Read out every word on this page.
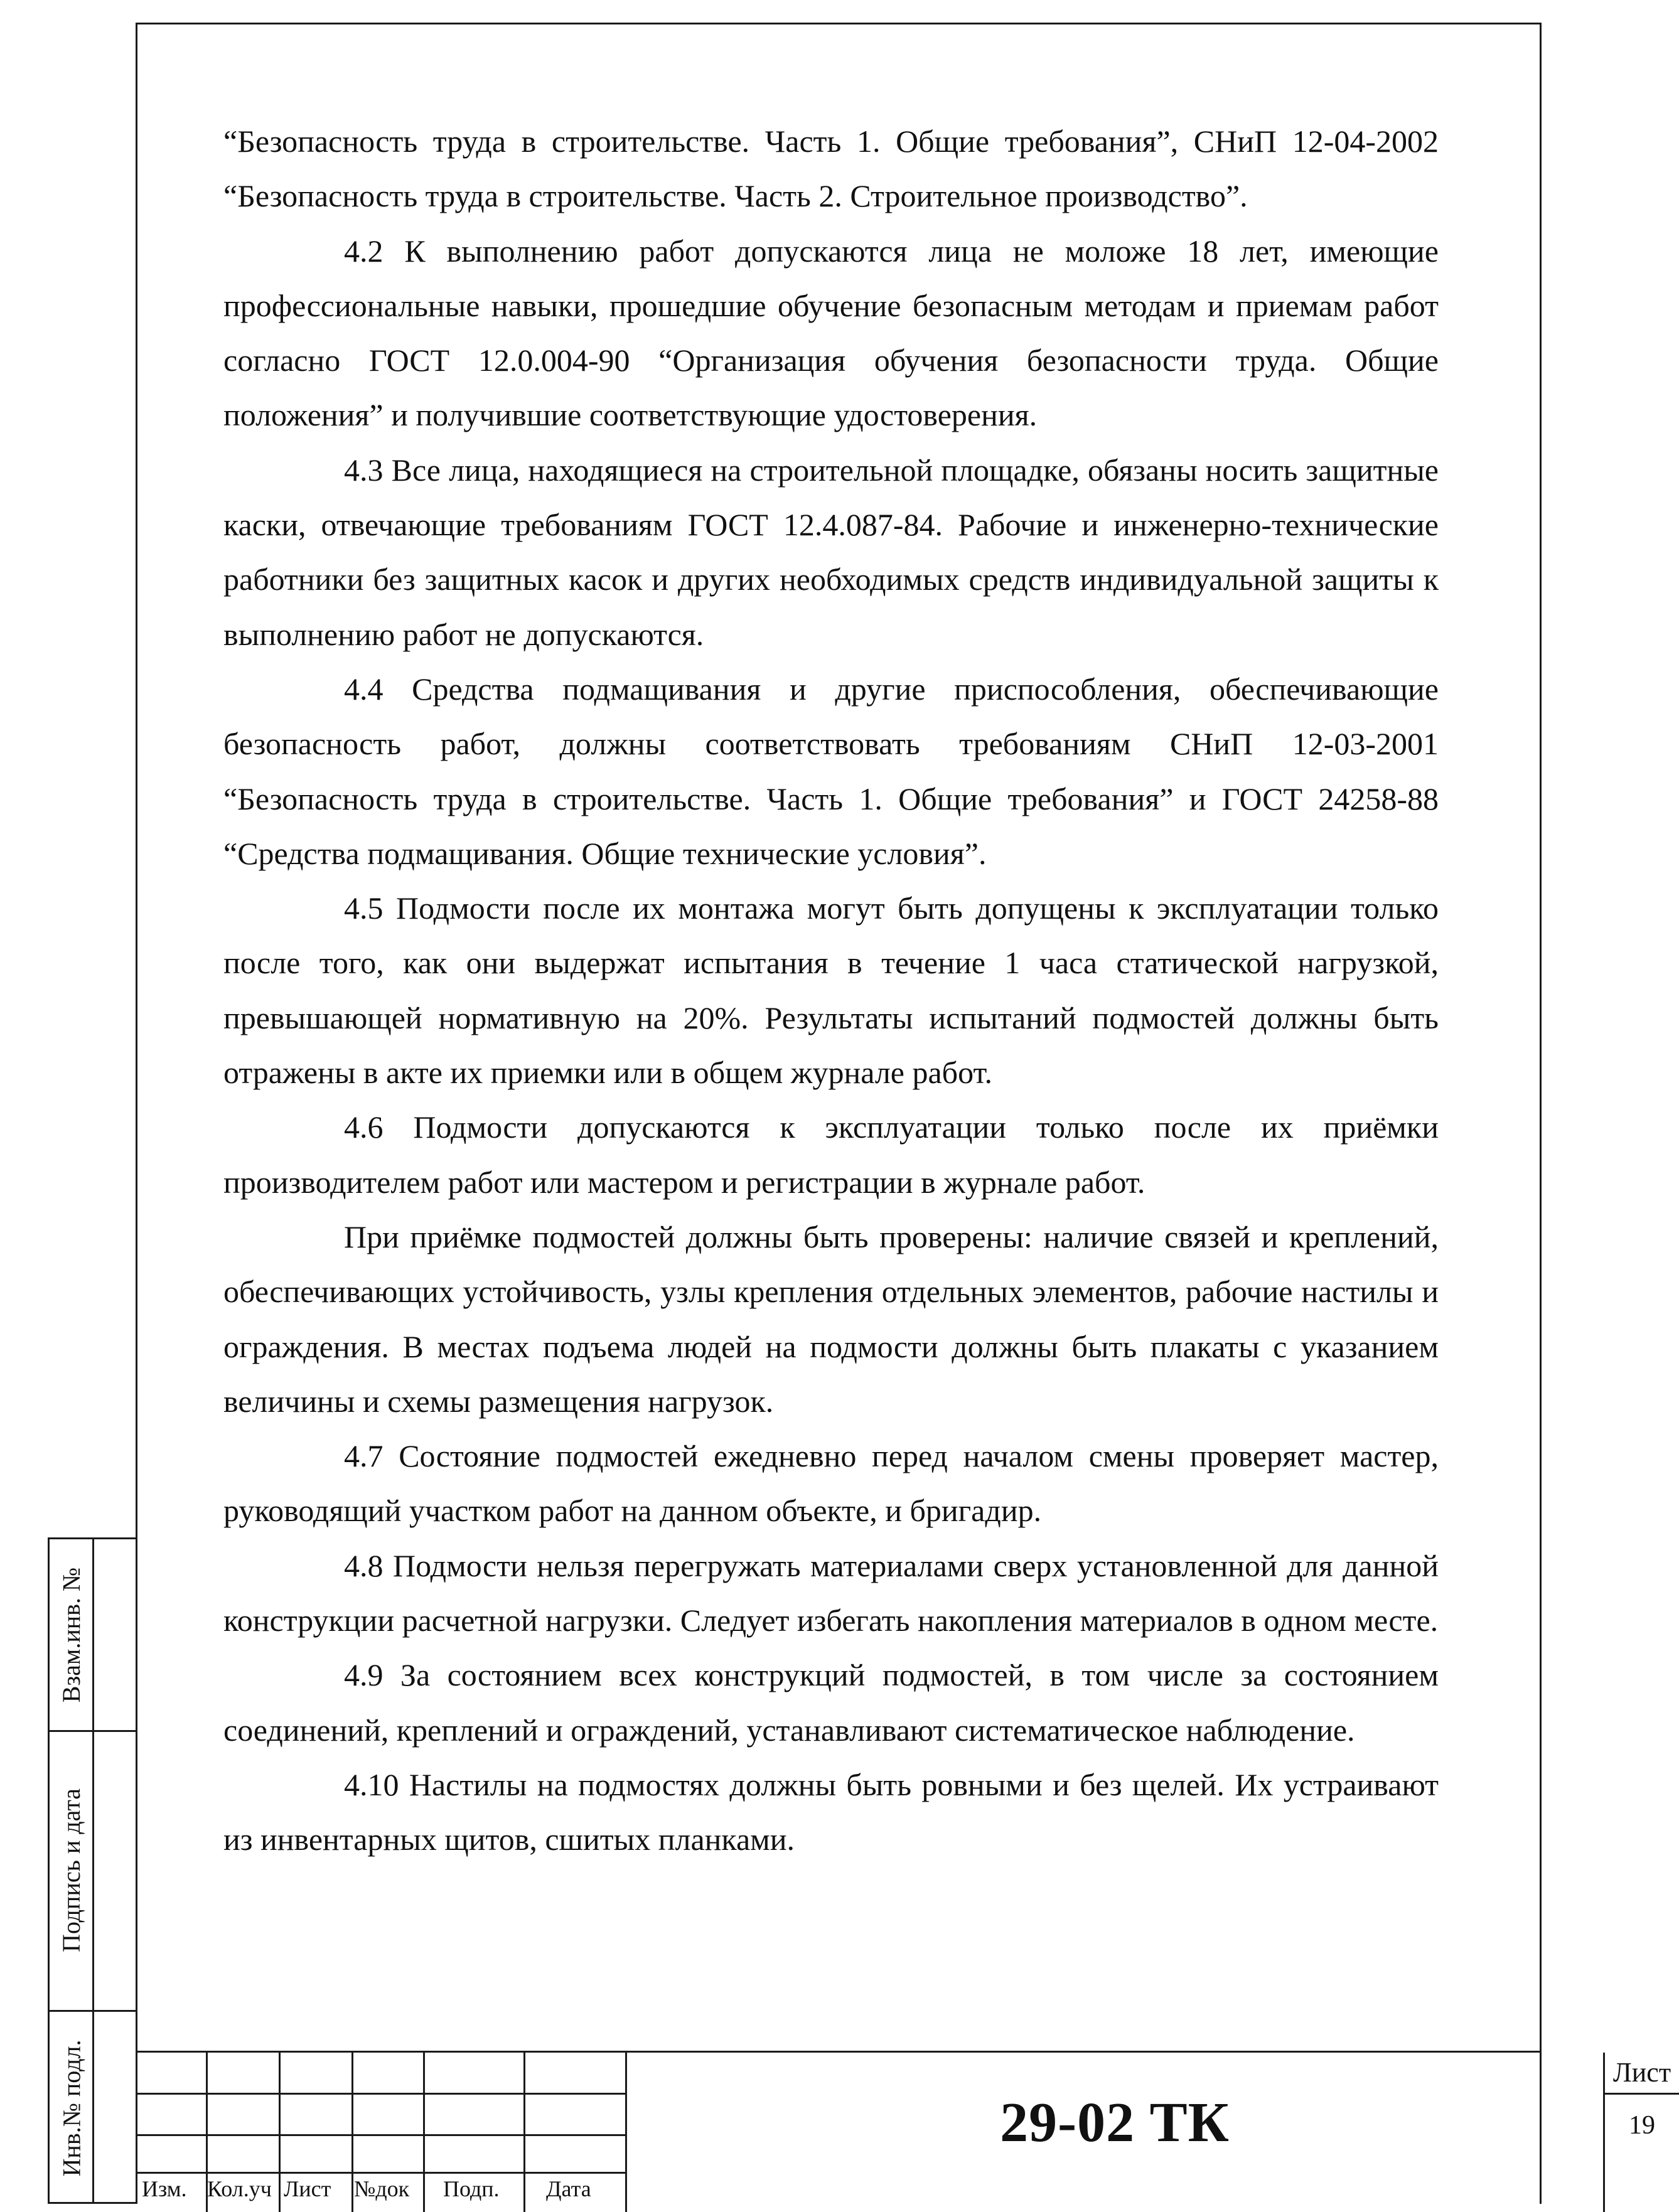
“Безопасность труда в строительстве. Часть 1. Общие требования”, СНиП 12-04-2002 “Безопасность труда в строительстве. Часть 2. Строительное производство”.

4.2 К выполнению работ допускаются лица не моложе 18 лет, имеющие профессиональные навыки, прошедшие обучение безопасным методам и приемам работ согласно ГОСТ 12.0.004-90 “Организация обучения безопасности труда. Общие положения” и получившие соответствующие удостоверения.

4.3 Все лица, находящиеся на строительной площадке, обязаны носить защитные каски, отвечающие требованиям ГОСТ 12.4.087-84. Рабочие и инженерно-технические работники без защитных касок и других необходимых средств индивидуальной защиты к выполнению работ не допускаются.

4.4 Средства подмащивания и другие приспособления, обеспечивающие безопасность работ, должны соответствовать требованиям СНиП 12-03-2001 “Безопасность труда в строительстве. Часть 1. Общие требования” и ГОСТ 24258-88 “Средства подмащивания. Общие технические условия”.

4.5 Подмости после их монтажа могут быть допущены к эксплуатации только после того, как они выдержат испытания в течение 1 часа статической нагрузкой, превышающей нормативную на 20%. Результаты испытаний подмостей должны быть отражены в акте их приемки или в общем журнале работ.

4.6 Подмости допускаются к эксплуатации только после их приёмки производителем работ или мастером и регистрации в журнале работ.

При приёмке подмостей должны быть проверены: наличие связей и креплений, обеспечивающих устойчивость, узлы крепления отдельных элементов, рабочие настилы и ограждения. В местах подъема людей на подмости должны быть плакаты с указанием величины и схемы размещения нагрузок.

4.7 Состояние подмостей ежедневно перед началом смены проверяет мастер, руководящий участком работ на данном объекте, и бригадир.

4.8 Подмости нельзя перегружать материалами сверх установленной для данной конструкции расчетной нагрузки. Следует избегать накопления материалов в одном месте.

4.9 За состоянием всех конструкций подмостей, в том числе за состоянием соединений, креплений и ограждений, устанавливают систематическое наблюдение.

4.10 Настилы на подмостях должны быть ровными и без щелей. Их устраивают из инвентарных щитов, сшитых планками.

Взам.инв. №
Подпись и дата
Инв.№ подл.
Изм. Кол.уч Лист №док Подп. Дата
29-02 ТК
Лист
19
